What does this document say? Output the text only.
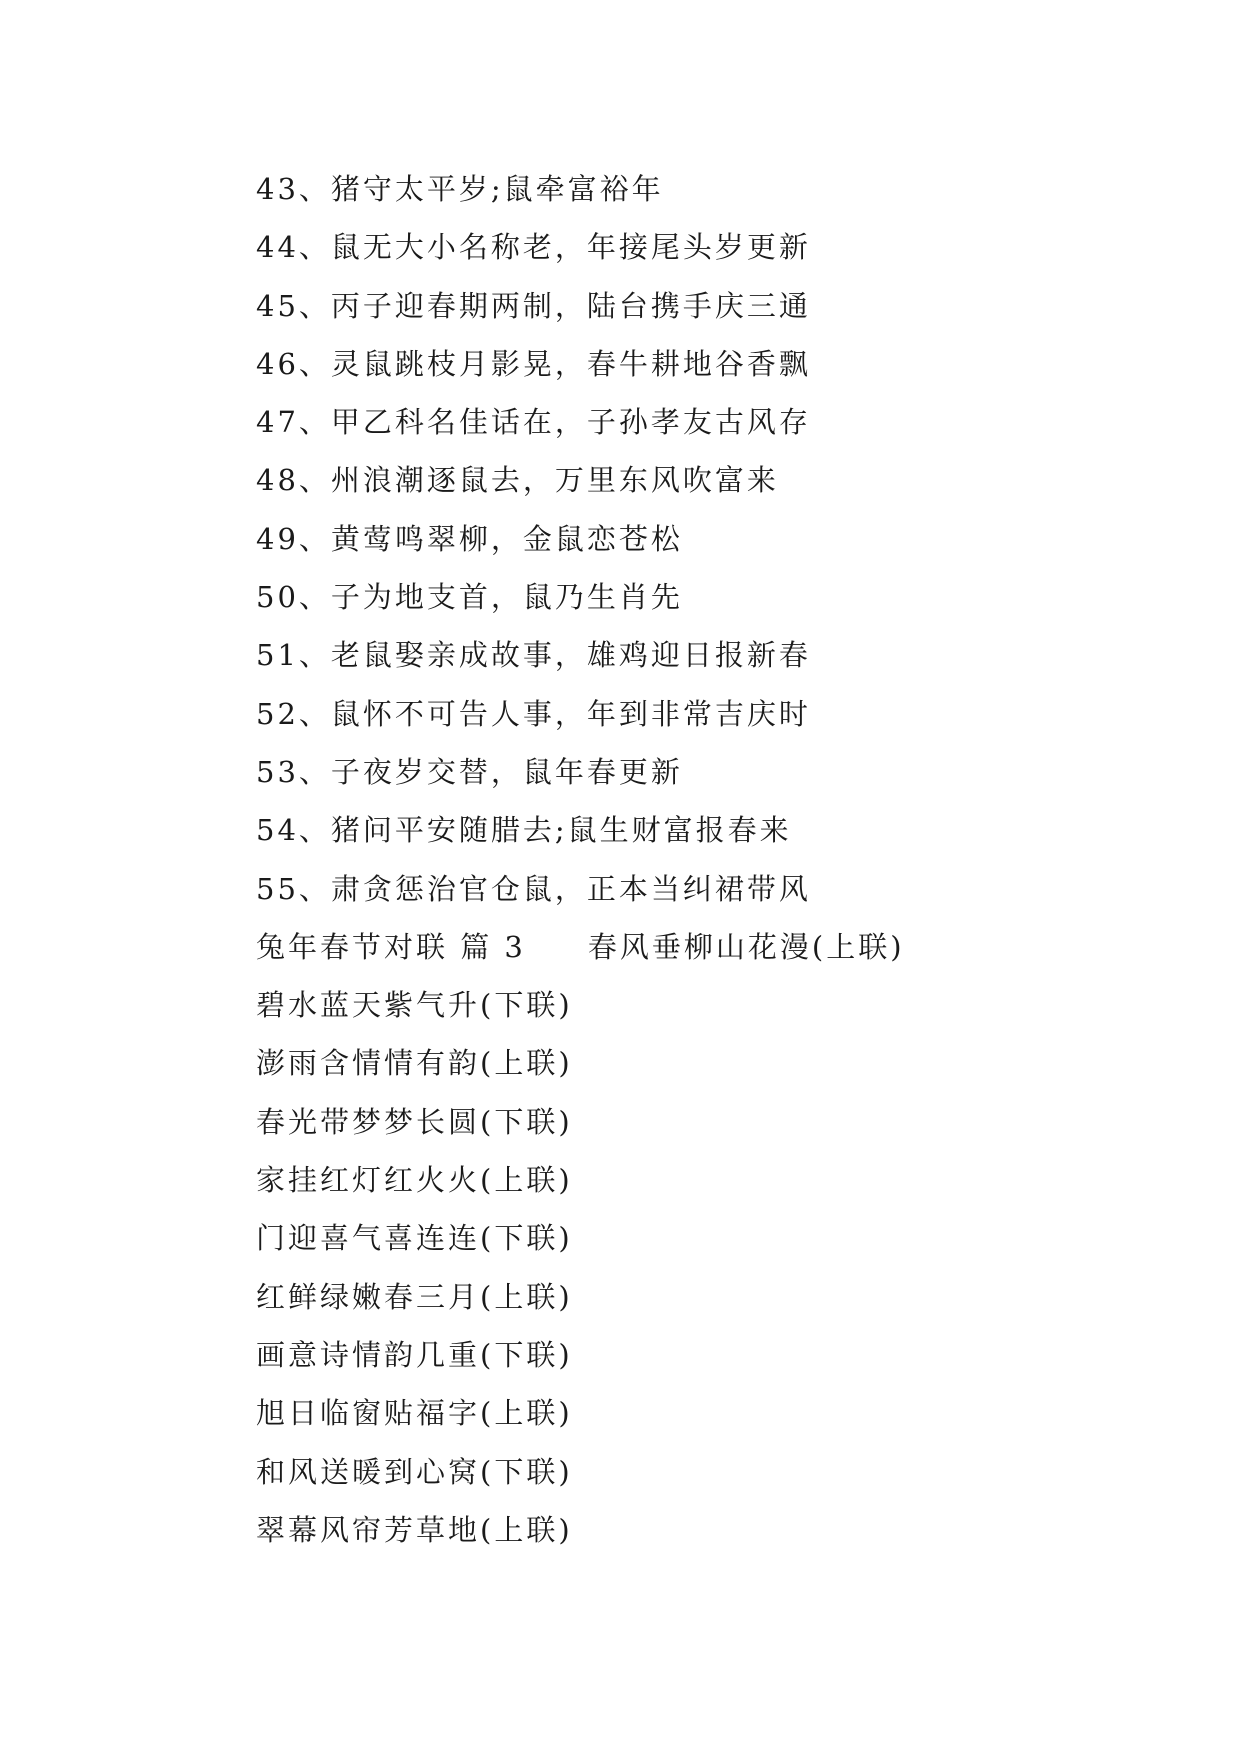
43、猪守太平岁;鼠牵富裕年
44、鼠无大小名称老，年接尾头岁更新
45、丙子迎春期两制，陆台携手庆三通
46、灵鼠跳枝月影晃，春牛耕地谷香飘
47、甲乙科名佳话在，子孙孝友古风存
48、州浪潮逐鼠去，万里东风吹富来
49、黄莺鸣翠柳，金鼠恋苍松
50、子为地支首，鼠乃生肖先
51、老鼠娶亲成故事，雄鸡迎日报新春
52、鼠怀不可告人事，年到非常吉庆时
53、子夜岁交替，鼠年春更新
54、猪问平安随腊去;鼠生财富报春来
55、肃贪惩治官仓鼠，正本当纠裙带风
兔年春节对联 篇 3 春风垂柳山花漫(上联)
碧水蓝天紫气升(下联)
澎雨含情情有韵(上联)
春光带梦梦长圆(下联)
家挂红灯红火火(上联)
门迎喜气喜连连(下联)
红鲜绿嫩春三月(上联)
画意诗情韵几重(下联)
旭日临窗贴福字(上联)
和风送暖到心窝(下联)
翠幕风帘芳草地(上联)
